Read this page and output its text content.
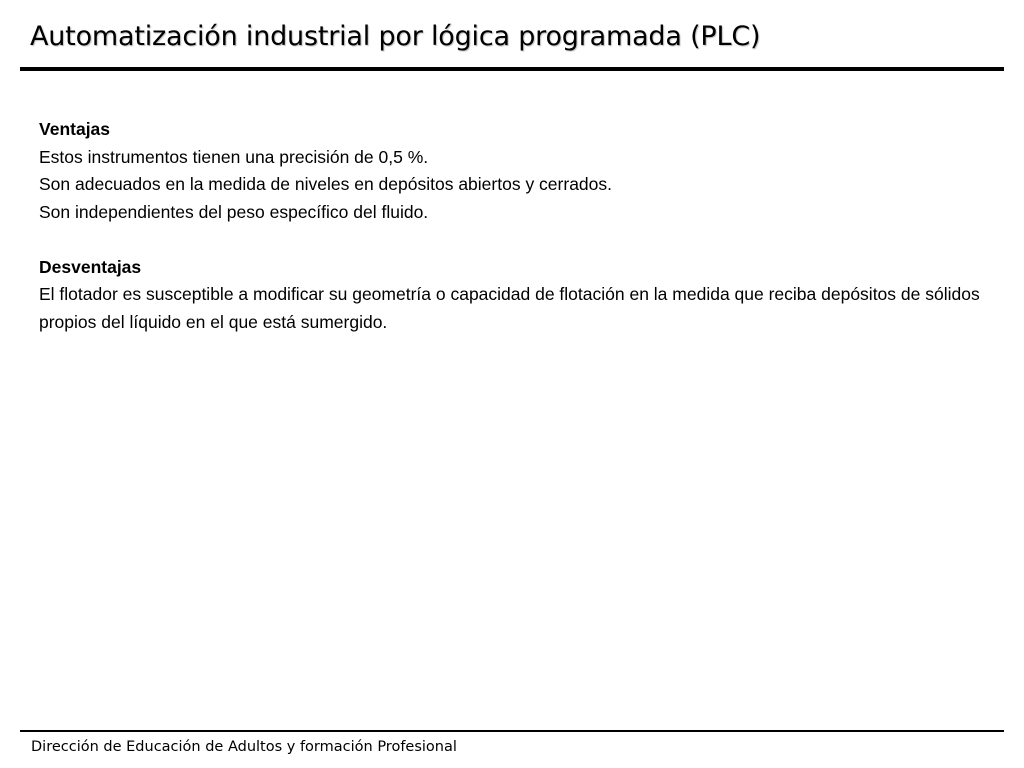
Automatización industrial por lógica programada (PLC)
Ventajas
Estos instrumentos tienen una precisión de 0,5 %.
Son adecuados en la medida de niveles en depósitos abiertos y cerrados.
Son independientes del peso específico del fluido.
Desventajas
El flotador es susceptible a modificar su geometría o capacidad de flotación en la medida que reciba depósitos de sólidos propios del líquido en el que está sumergido.
Dirección de Educación de Adultos y formación Profesional
